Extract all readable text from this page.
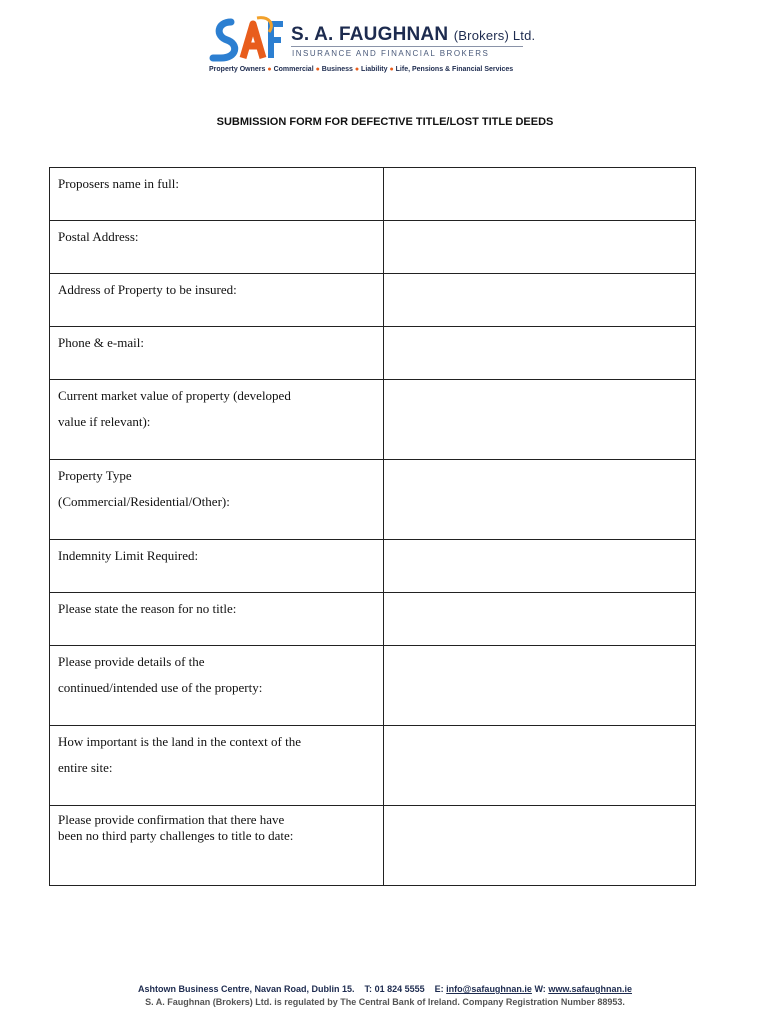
S. A. FAUGHNAN (Brokers) Ltd.
INSURANCE AND FINANCIAL BROKERS
Property Owners ● Commercial ● Business ● Liability ● Life, Pensions & Financial Services
SUBMISSION FORM FOR DEFECTIVE TITLE/LOST TITLE DEEDS
Proposers name in full:	

Postal Address:	

Address of Property to be insured:	

Phone & e-mail:	

Current market value of property (developed
value if relevant):	

Property Type
(Commercial/Residential/Other):	

Indemnity Limit Required:	

Please state the reason for no title:	

Please provide details of the
continued/intended use of the property:	

How important is the land in the context of the
entire site:	

Please provide confirmation that there have
been no third party challenges to title to date:	

Ashtown Business Centre, Navan Road, Dublin 15. T: 01 824 5555 E: info@safaughnan.ie W: www.safaughnan.ie
S. A. Faughnan (Brokers) Ltd. is regulated by The Central Bank of Ireland. Company Registration Number 88953.
